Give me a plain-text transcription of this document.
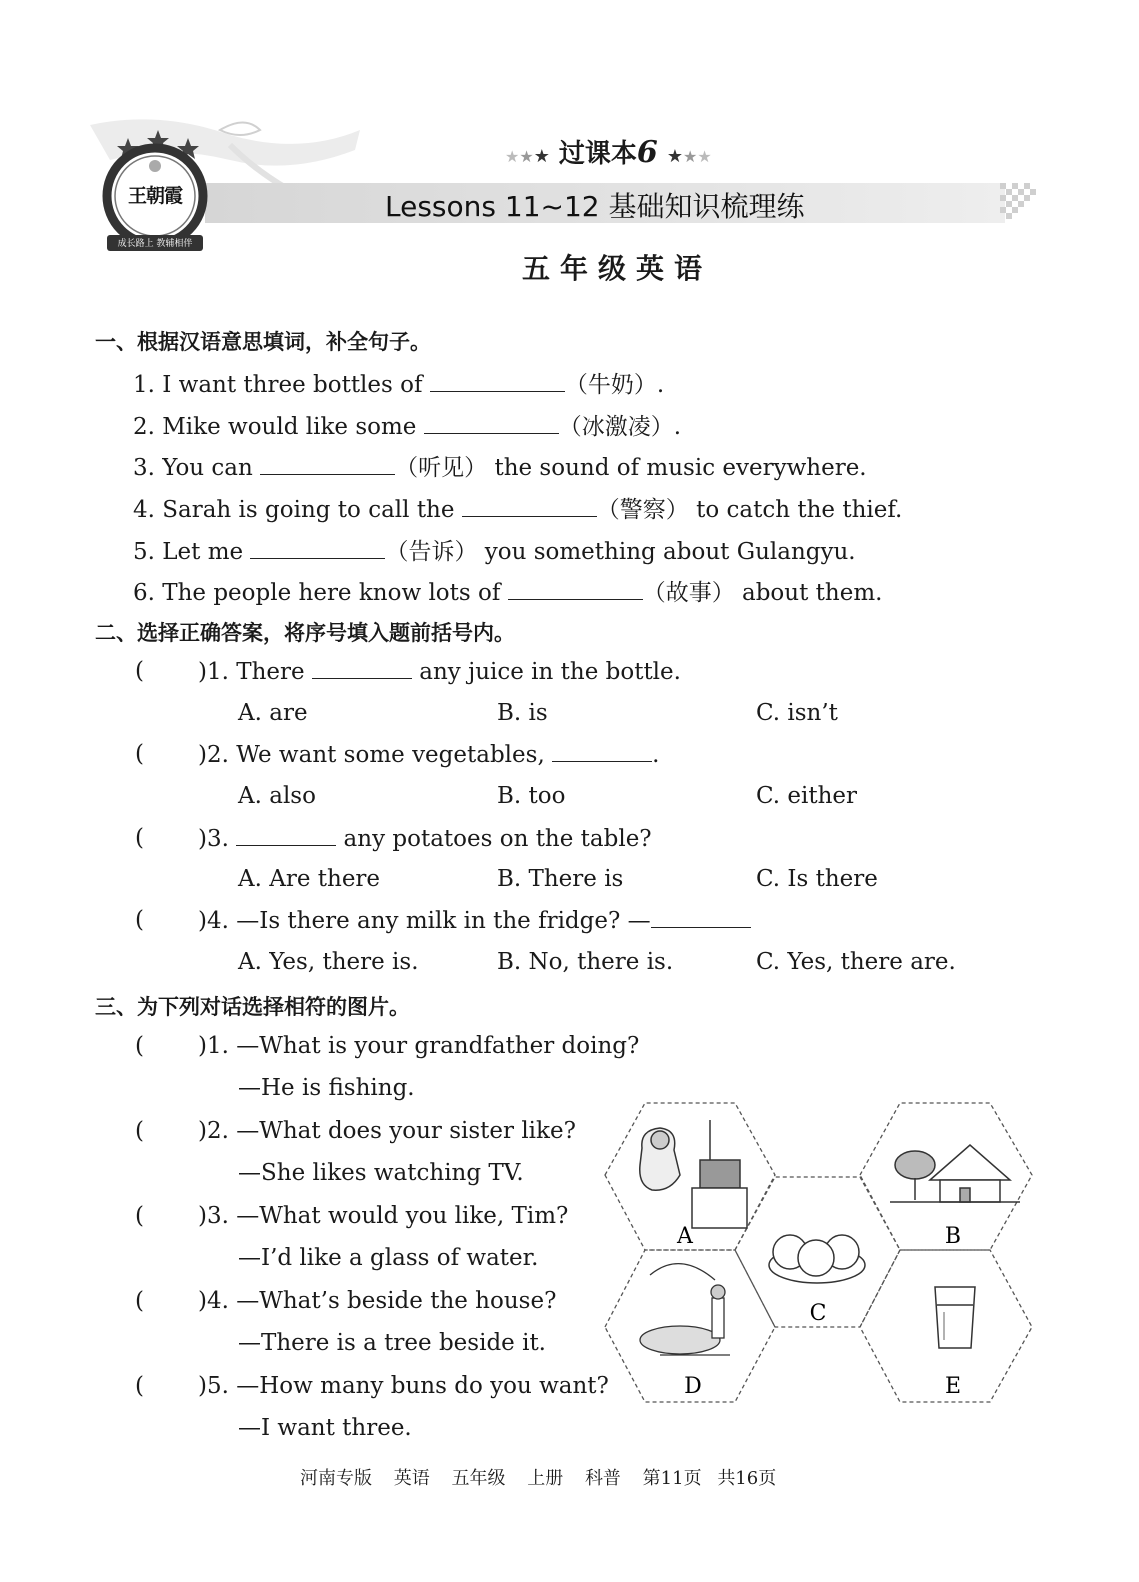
王朝霞
成长路上 教辅相伴
★★★ 过课本6 ★★★
Lessons 11~12 基础知识梳理练
五年级英语
一、根据汉语意思填词，补全句子。
1. I want three bottles of	（牛奶）.
2. Mike would like some	（冰激凌）.
3. You can	（听见） the sound of music everywhere.
4. Sarah is going to call the	（警察） to catch the thief.
5. Let me	（告诉） you something about Gulangyu.
6. The people here know lots of	（故事） about them.
二、选择正确答案，将序号填入题前括号内。
( )1. There	any juice in the bottle.
A. are	B. is	C. isn’t
( )2. We want some vegetables,	.
A. also	B. too	C. either
( )3.	any potatoes on the table?
A. Are there	B. There is	C. Is there
( )4. —Is there any milk in the fridge? —
A. Yes, there is.	B. No, there is.	C. Yes, there are.
三、为下列对话选择相符的图片。
( )1. —What is your grandfather doing?
—He is fishing.
( )2. —What does your sister like?
—She likes watching TV.
( )3. —What would you like, Tim?
—I’d like a glass of water.
( )4. —What’s beside the house?
—There is a tree beside it.
( )5. —How many buns do you want?
—I want three.
A	B
C
D	E
河南专版 英语 五年级 上册 科普 第11页 共16页
